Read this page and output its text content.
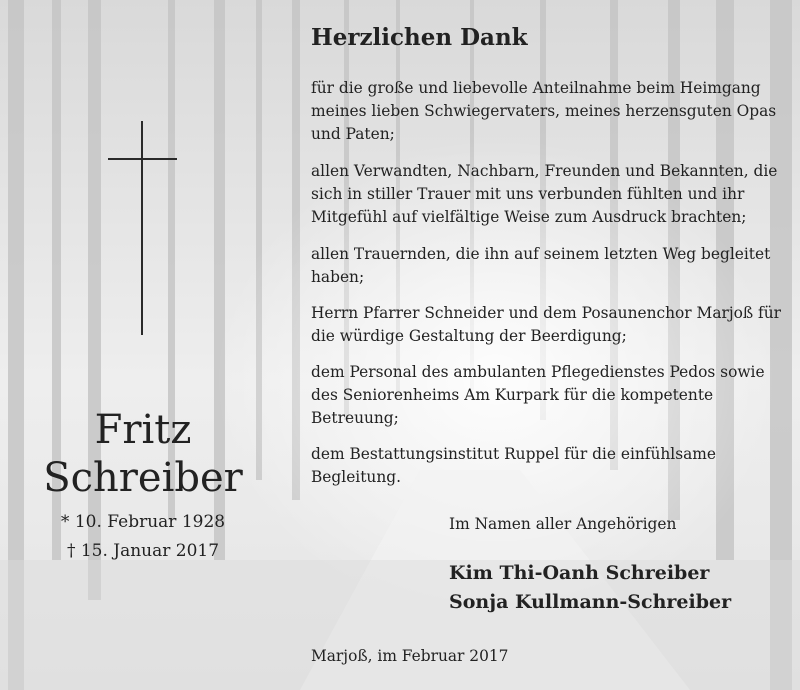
Fritz
Schreiber
* 10. Februar 1928
† 15. Januar 2017
Herzlichen Dank
für die große und liebevolle Anteilnahme beim Heimgang meines lieben Schwiegervaters, meines herzensguten Opas und Paten;
allen Verwandten, Nachbarn, Freunden und Bekannten, die sich in stiller Trauer mit uns verbunden fühlten und ihr Mitgefühl auf vielfältige Weise zum Ausdruck brachten;
allen Trauernden, die ihn auf seinem letzten Weg begleitet haben;
Herrn Pfarrer Schneider und dem Posaunenchor Marjoß für die würdige Gestaltung der Beerdigung;
dem Personal des ambulanten Pflegedienstes Pedos sowie des Seniorenheims Am Kurpark für die kompetente Betreuung;
dem Bestattungsinstitut Ruppel für die einfühlsame Begleitung.
Im Namen aller Angehörigen
Kim Thi-Oanh Schreiber
Sonja Kullmann-Schreiber
Marjoß, im Februar 2017
